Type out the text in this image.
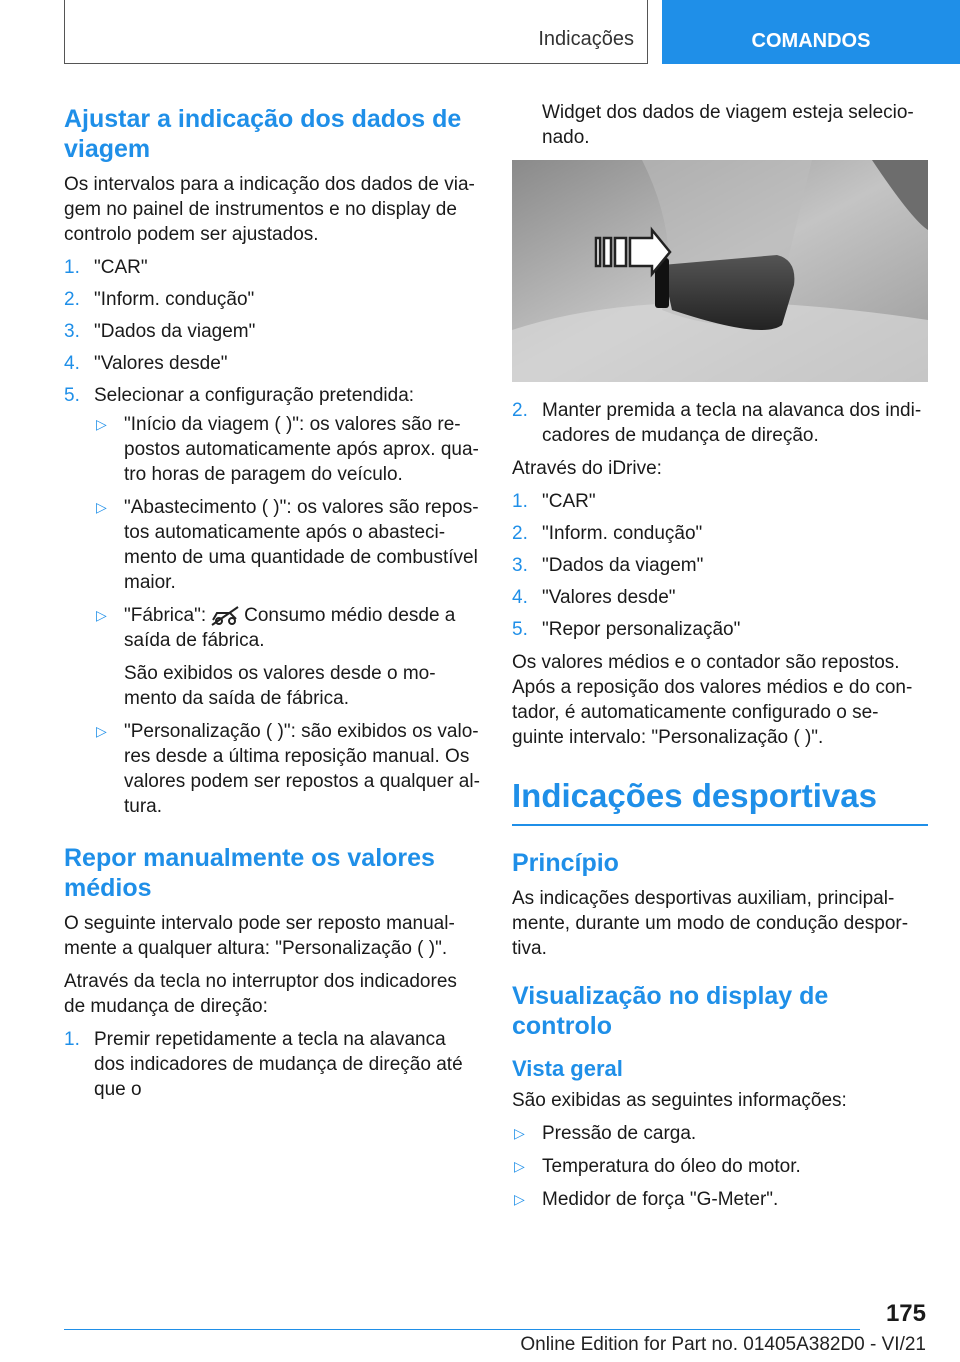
Indicações	COMANDOS
Ajustar a indicação dos dados de viagem

Os intervalos para a indicação dos dados de via-gem no painel de instrumentos e no display de controlo podem ser ajustados.

1. "CAR"
2. "Inform. condução"
3. "Dados da viagem"
4. "Valores desde"
5. Selecionar a configuração pretendida:
▷ "Início da viagem ( )": os valores são re-postos automaticamente após aprox. qua-tro horas de paragem do veículo.
▷ "Abastecimento ( )": os valores são repos-tos automaticamente após o abasteci-mento de uma quantidade de combustível maior.
▷ "Fábrica": Consumo médio desde a saída de fábrica.
São exibidos os valores desde o mo-mento da saída de fábrica.
▷ "Personalização ( )": são exibidos os valo-res desde a última reposição manual. Os valores podem ser repostos a qualquer al-tura.
Repor manualmente os valores médios

O seguinte intervalo pode ser reposto manual-mente a qualquer altura: "Personalização ( )".

Através da tecla no interruptor dos indicadores de mudança de direção:

1. Premir repetidamente a tecla na alavanca dos indicadores de mudança de direção até que o

Widget dos dados de viagem esteja selecio-nado.

2. Manter premida a tecla na alavanca dos indi-cadores de mudança de direção.

Através do iDrive:

1. "CAR"
2. "Inform. condução"
3. "Dados da viagem"
4. "Valores desde"
5. "Repor personalização"

Os valores médios e o contador são repostos. Após a reposição dos valores médios e do con-tador, é automaticamente configurado o se-guinte intervalo: "Personalização ( )".

Indicações desportivas
Princípio

As indicações desportivas auxiliam, principal-mente, durante um modo de condução despor-tiva.

Visualização no display de controlo
Vista geral

São exibidas as seguintes informações:

▷ Pressão de carga.
▷ Temperatura do óleo do motor.
▷ Medidor de força "G-Meter".
175
Online Edition for Part no. 01405A382D0 - VI/21
